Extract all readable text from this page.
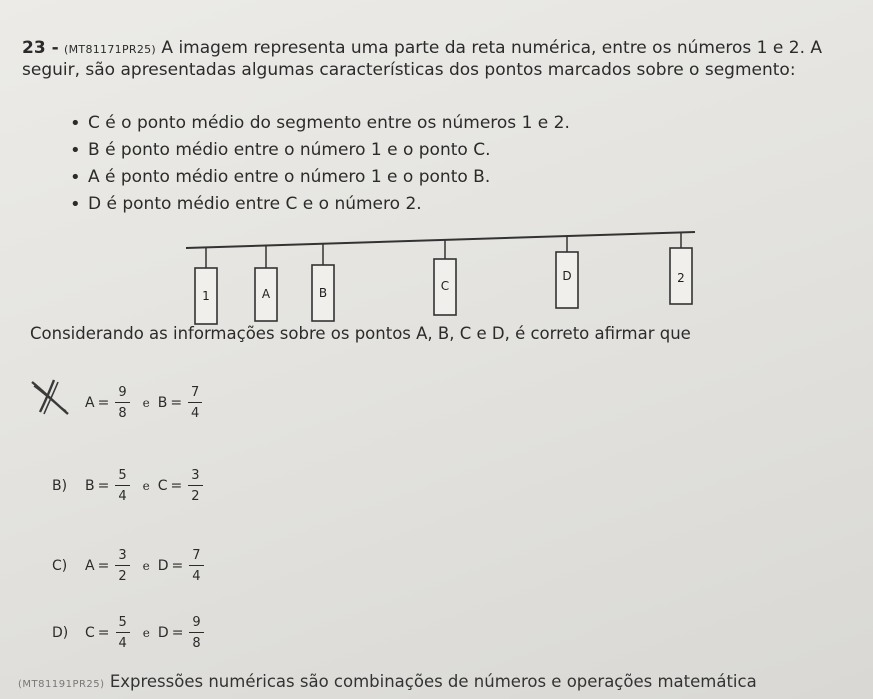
23 - (MT81171PR25) A imagem representa uma parte da reta numérica, entre os números 1 e 2. A
seguir, são apresentadas algumas características dos pontos marcados sobre o segmento:
• C é o ponto médio do segmento entre os números 1 e 2.
• B é ponto médio entre o número 1 e o ponto C.
• A é ponto médio entre o número 1 e o ponto B.
• D é ponto médio entre C e o número 2.
1	A	B	C
D	2
Considerando as informações sobre os pontos A, B, C e D, é correto afirmar que
$A = \frac{9}{8}$ e $B = \frac{7}{4}$
B)	$B = \frac{5}{4}$ e $C = \frac{3}{2}$
C)	$A = \frac{3}{2}$ e $D = \frac{7}{4}$
D)	$C = \frac{5}{4}$ e $D = \frac{9}{8}$
(MT81191PR25) Expressões numéricas são combinações de números e operações matemática
